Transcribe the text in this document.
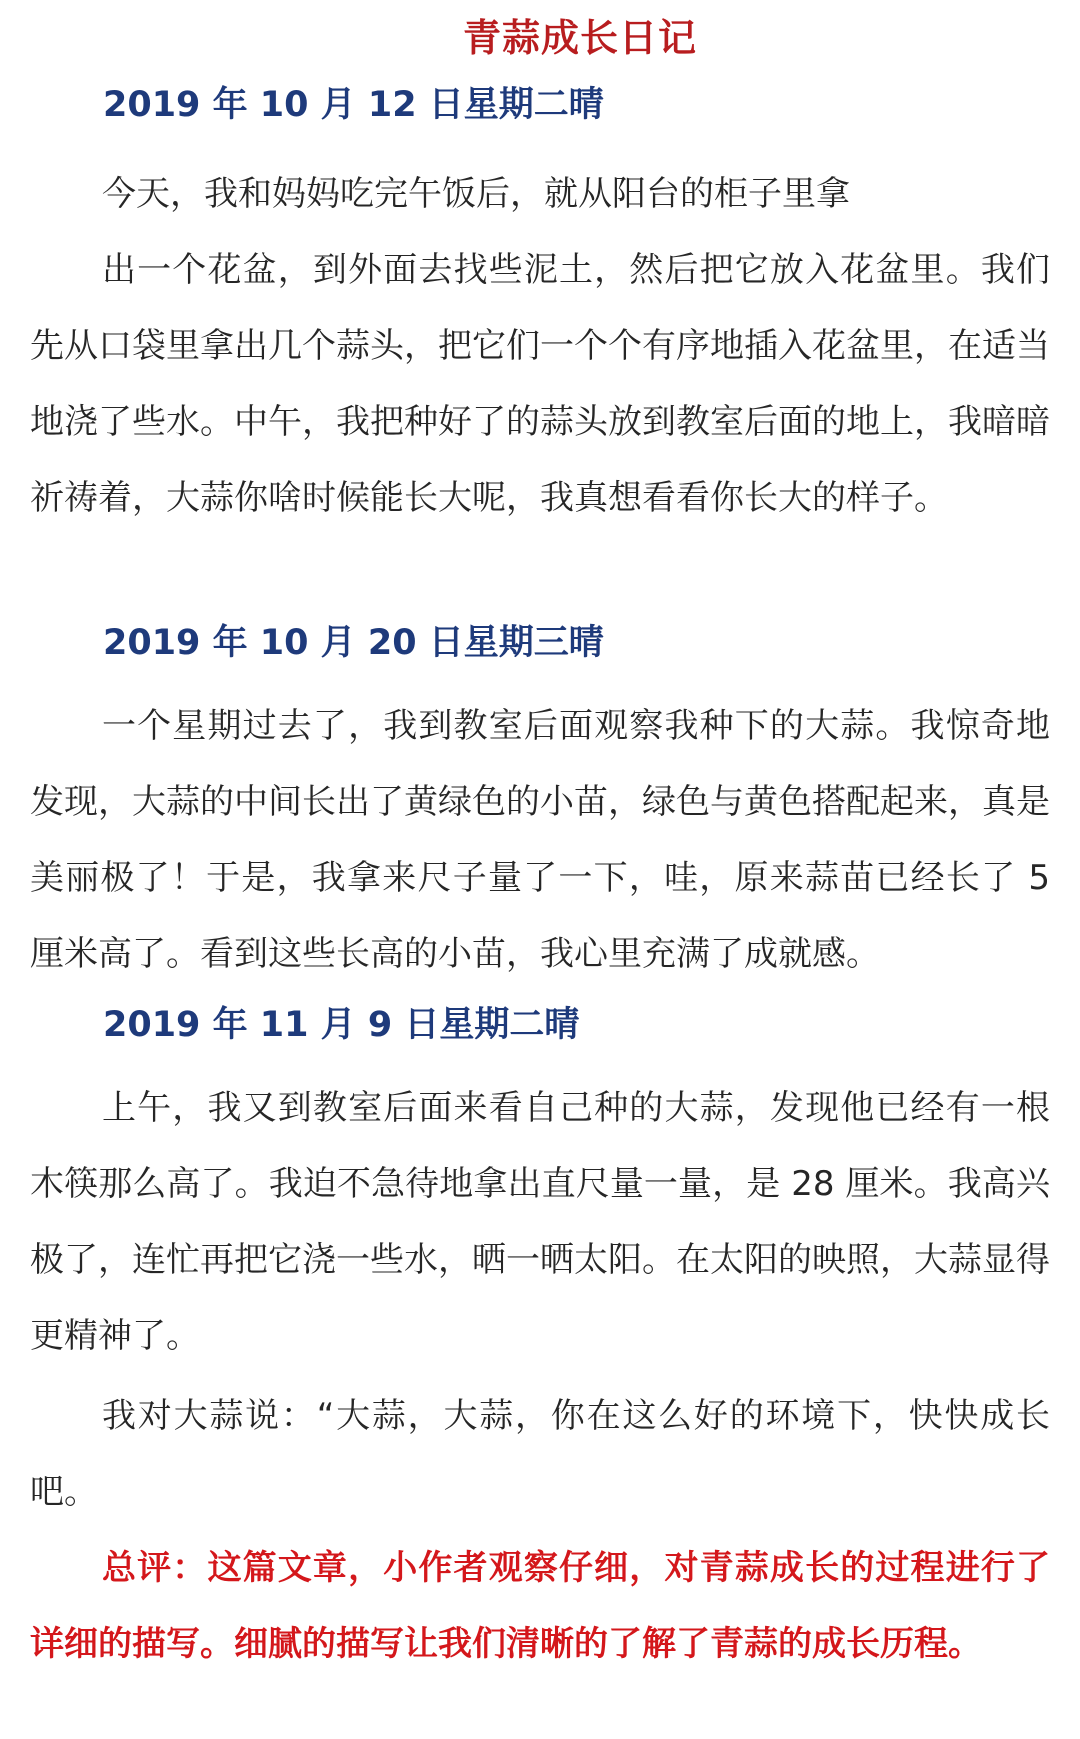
青蒜成长日记
2019 年 10 月 12 日星期二晴

今天，我和妈妈吃完午饭后，就从阳台的柜子里拿

出一个花盆，到外面去找些泥土，然后把它放入花盆里。我们先从口袋里拿出几个蒜头，把它们一个个有序地插入花盆里，在适当地浇了些水。中午，我把种好了的蒜头放到教室后面的地上，我暗暗祈祷着，大蒜你啥时候能长大呢，我真想看看你长大的样子。

2019 年 10 月 20 日星期三晴

一个星期过去了，我到教室后面观察我种下的大蒜。我惊奇地发现，大蒜的中间长出了黄绿色的小苗，绿色与黄色搭配起来，真是美丽极了！于是，我拿来尺子量了一下，哇，原来蒜苗已经长了 5 厘米高了。看到这些长高的小苗，我心里充满了成就感。

2019 年 11 月 9 日星期二晴

上午，我又到教室后面来看自己种的大蒜，发现他已经有一根木筷那么高了。我迫不急待地拿出直尺量一量，是 28 厘米。我高兴极了，连忙再把它浇一些水，晒一晒太阳。在太阳的映照，大蒜显得更精神了。

我对大蒜说：“大蒜，大蒜，你在这么好的环境下，快快成长吧。

总评：这篇文章，小作者观察仔细，对青蒜成长的过程进行了详细的描写。细腻的描写让我们清晰的了解了青蒜的成长历程。
